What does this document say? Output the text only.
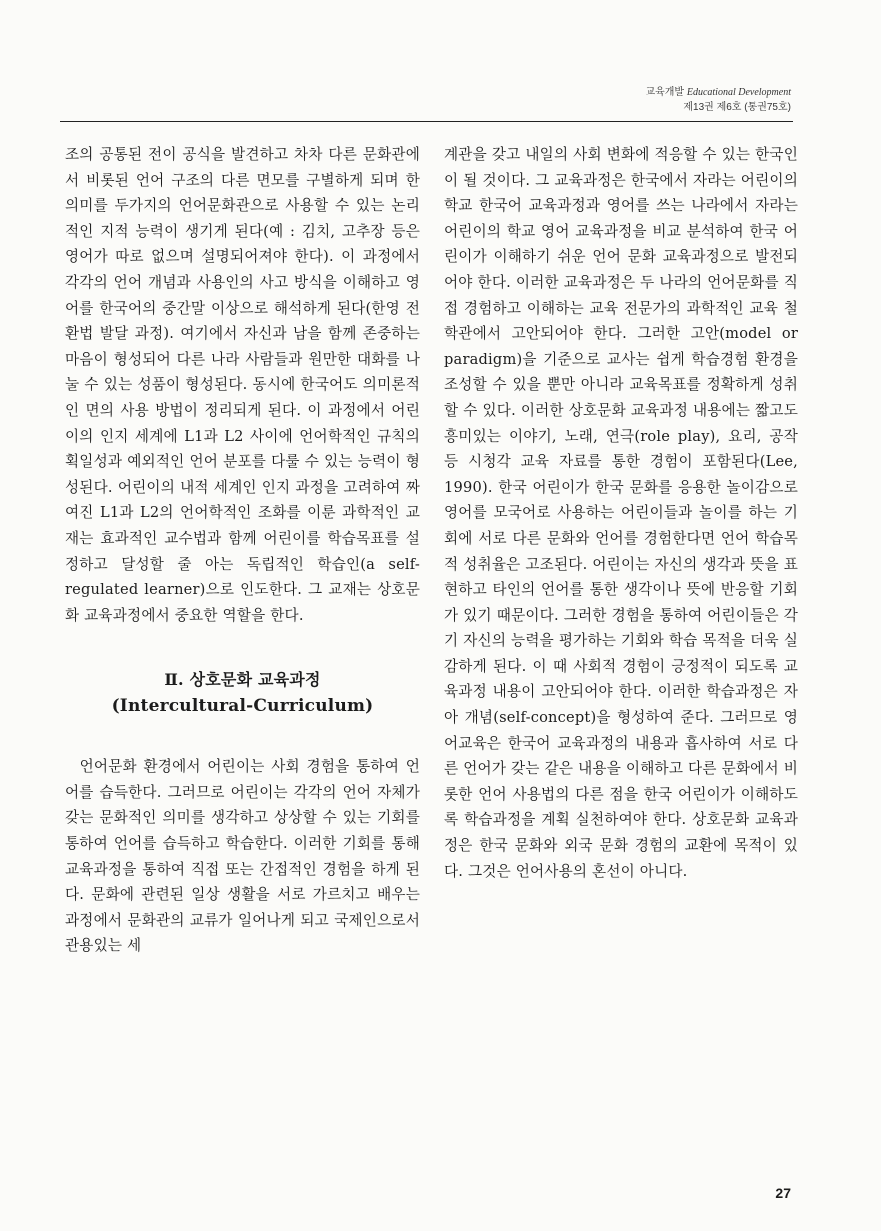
교육개발 Educational Development
제13권 제6호 (통권75호)

조의 공통된 전이 공식을 발견하고 차차 다른 문화관에서 비롯된 언어 구조의 다른 면모를 구별하게 되며 한 의미를 두가지의 언어문화관으로 사용할 수 있는 논리적인 지적 능력이 생기게 된다(예 : 김치, 고추장 등은 영어가 따로 없으며 설명되어져야 한다). 이 과정에서 각각의 언어 개념과 사용인의 사고 방식을 이해하고 영어를 한국어의 중간말 이상으로 해석하게 된다(한영 전환법 발달 과정). 여기에서 자신과 남을 함께 존중하는 마음이 형성되어 다른 나라 사람들과 원만한 대화를 나눌 수 있는 성품이 형성된다. 동시에 한국어도 의미론적인 면의 사용 방법이 정리되게 된다. 이 과정에서 어린이의 인지 세계에 L1과 L2 사이에 언어학적인 규칙의 획일성과 예외적인 언어 분포를 다룰 수 있는 능력이 형성된다. 어린이의 내적 세계인 인지 과정을 고려하여 짜여진 L1과 L2의 언어학적인 조화를 이룬 과학적인 교재는 효과적인 교수법과 함께 어린이를 학습목표를 설정하고 달성할 줄 아는 독립적인 학습인(a self-regulated learner)으로 인도한다. 그 교재는 상호문화 교육과정에서 중요한 역할을 한다.

Ⅱ. 상호문화 교육과정
(Intercultural-Curriculum)

언어문화 환경에서 어린이는 사회 경험을 통하여 언어를 습득한다. 그러므로 어린이는 각각의 언어 자체가 갖는 문화적인 의미를 생각하고 상상할 수 있는 기회를 통하여 언어를 습득하고 학습한다. 이러한 기회를 통해 교육과정을 통하여 직접 또는 간접적인 경험을 하게 된다. 문화에 관련된 일상 생활을 서로 가르치고 배우는 과정에서 문화관의 교류가 일어나게 되고 국제인으로서 관용있는 세

계관을 갖고 내일의 사회 변화에 적응할 수 있는 한국인이 될 것이다. 그 교육과정은 한국에서 자라는 어린이의 학교 한국어 교육과정과 영어를 쓰는 나라에서 자라는 어린이의 학교 영어 교육과정을 비교 분석하여 한국 어린이가 이해하기 쉬운 언어 문화 교육과정으로 발전되어야 한다. 이러한 교육과정은 두 나라의 언어문화를 직접 경험하고 이해하는 교육 전문가의 과학적인 교육 철학관에서 고안되어야 한다. 그러한 고안(model or paradigm)을 기준으로 교사는 쉽게 학습경험 환경을 조성할 수 있을 뿐만 아니라 교육목표를 정확하게 성취할 수 있다. 이러한 상호문화 교육과정 내용에는 짧고도 흥미있는 이야기, 노래, 연극(role play), 요리, 공작 등 시청각 교육 자료를 통한 경험이 포함된다(Lee, 1990). 한국 어린이가 한국 문화를 응용한 놀이감으로 영어를 모국어로 사용하는 어린이들과 놀이를 하는 기회에 서로 다른 문화와 언어를 경험한다면 언어 학습목적 성취율은 고조된다. 어린이는 자신의 생각과 뜻을 표현하고 타인의 언어를 통한 생각이나 뜻에 반응할 기회가 있기 때문이다. 그러한 경험을 통하여 어린이들은 각기 자신의 능력을 평가하는 기회와 학습 목적을 더욱 실감하게 된다. 이 때 사회적 경험이 긍정적이 되도록 교육과정 내용이 고안되어야 한다. 이러한 학습과정은 자아 개념(self-concept)을 형성하여 준다. 그러므로 영어교육은 한국어 교육과정의 내용과 흡사하여 서로 다른 언어가 갖는 같은 내용을 이해하고 다른 문화에서 비롯한 언어 사용법의 다른 점을 한국 어린이가 이해하도록 학습과정을 계획 실천하여야 한다. 상호문화 교육과정은 한국 문화와 외국 문화 경험의 교환에 목적이 있다. 그것은 언어사용의 혼선이 아니다.

27
